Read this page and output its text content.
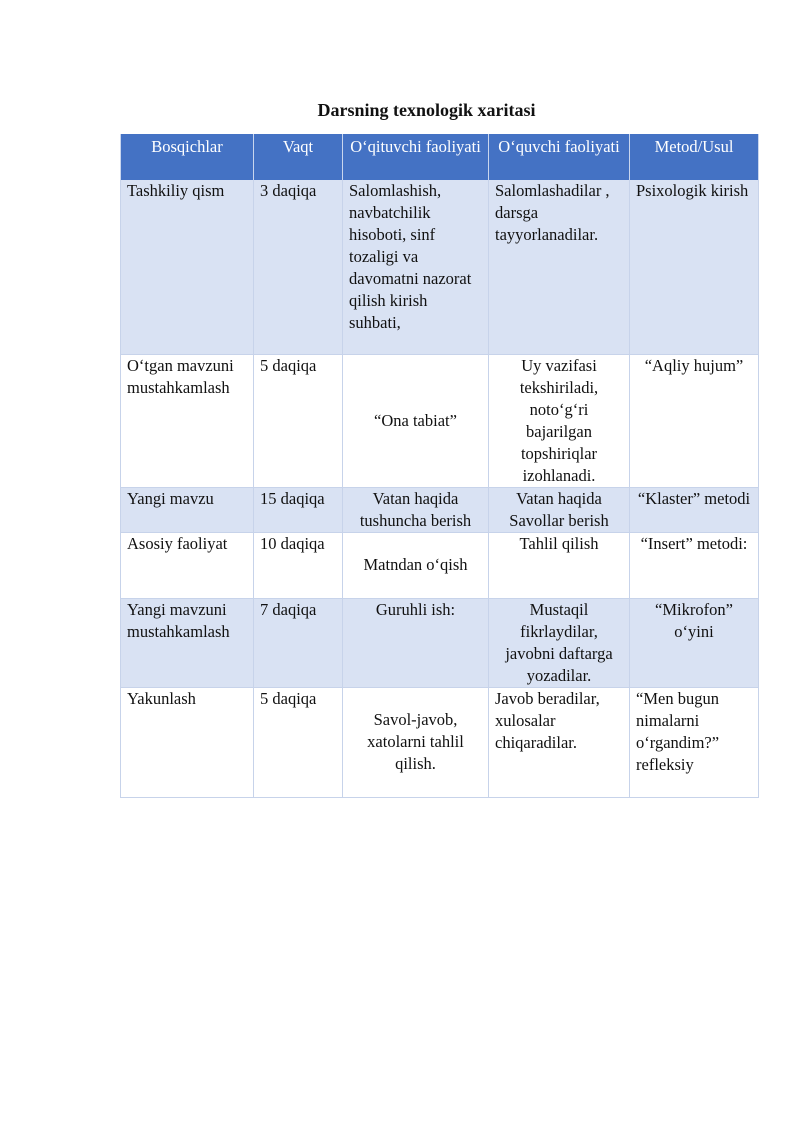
Darsning texnologik xaritasi
Bosqichlar	Vaqt	O‘qituvchi faoliyati	O‘quvchi faoliyati	Metod/Usul
Tashkiliy qism	3 daqiqa	Salomlashish, navbatchilik hisoboti, sinf tozaligi va davomatni nazorat qilish kirish suhbati,	Salomlashadilar , darsga tayyorlanadilar.	Psixologik kirish
O‘tgan mavzuni mustahkamlash	5 daqiqa	“Ona tabiat”	Uy vazifasi tekshiriladi, noto‘g‘ri bajarilgan topshiriqlar izohlanadi.	“Aqliy hujum”
Yangi mavzu	15 daqiqa	Vatan haqida tushuncha berish	Vatan haqida Savollar berish	“Klaster” metodi
Asosiy faoliyat	10 daqiqa	Matndan o‘qish	Tahlil qilish	“Insert” metodi:
Yangi mavzuni mustahkamlash	7 daqiqa	Guruhli ish:	Mustaqil fikrlaydilar, javobni daftarga yozadilar.	“Mikrofon” o‘yini
Yakunlash	5 daqiqa	Savol-javob, xatolarni tahlil qilish.	Javob beradilar, xulosalar chiqaradilar.	“Men bugun nimalarni o‘rgandim?” refleksiy
